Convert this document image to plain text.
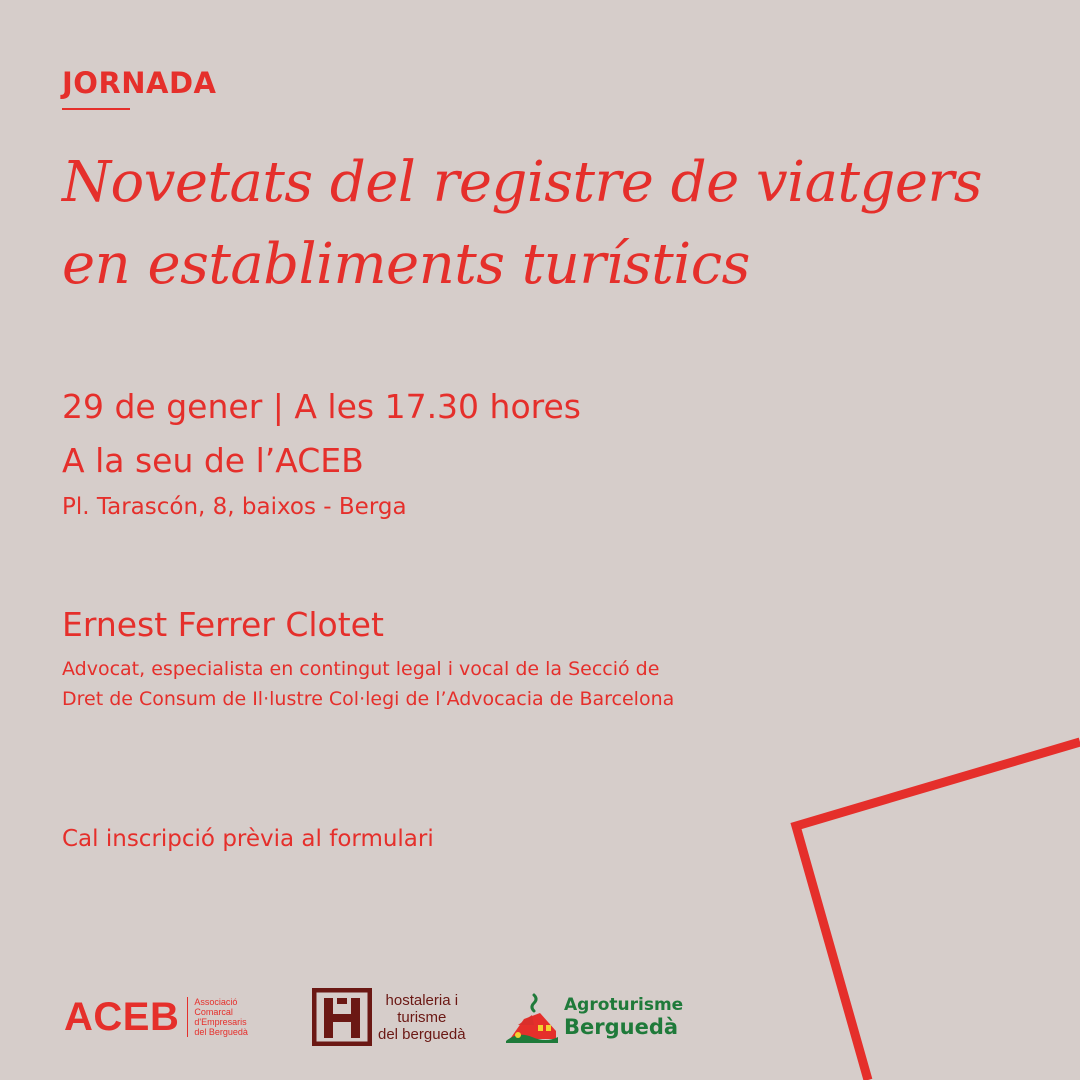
JORNADA
Novetats del registre de viatgers
en establiments turístics
29 de gener | A les 17.30 hores
A la seu de l’ACEB
Pl. Tarascón, 8, baixos - Berga
Ernest Ferrer Clotet
Advocat, especialista en contingut legal i vocal de la Secció de
Dret de Consum de Il·lustre Col·legi de l’Advocacia de Barcelona
Cal inscripció prèvia al formulari
ACEB Associació
Comarcal
d'Empresaris
del Berguedà
hostaleria i
turisme
del berguedà
Agroturisme
Berguedà
